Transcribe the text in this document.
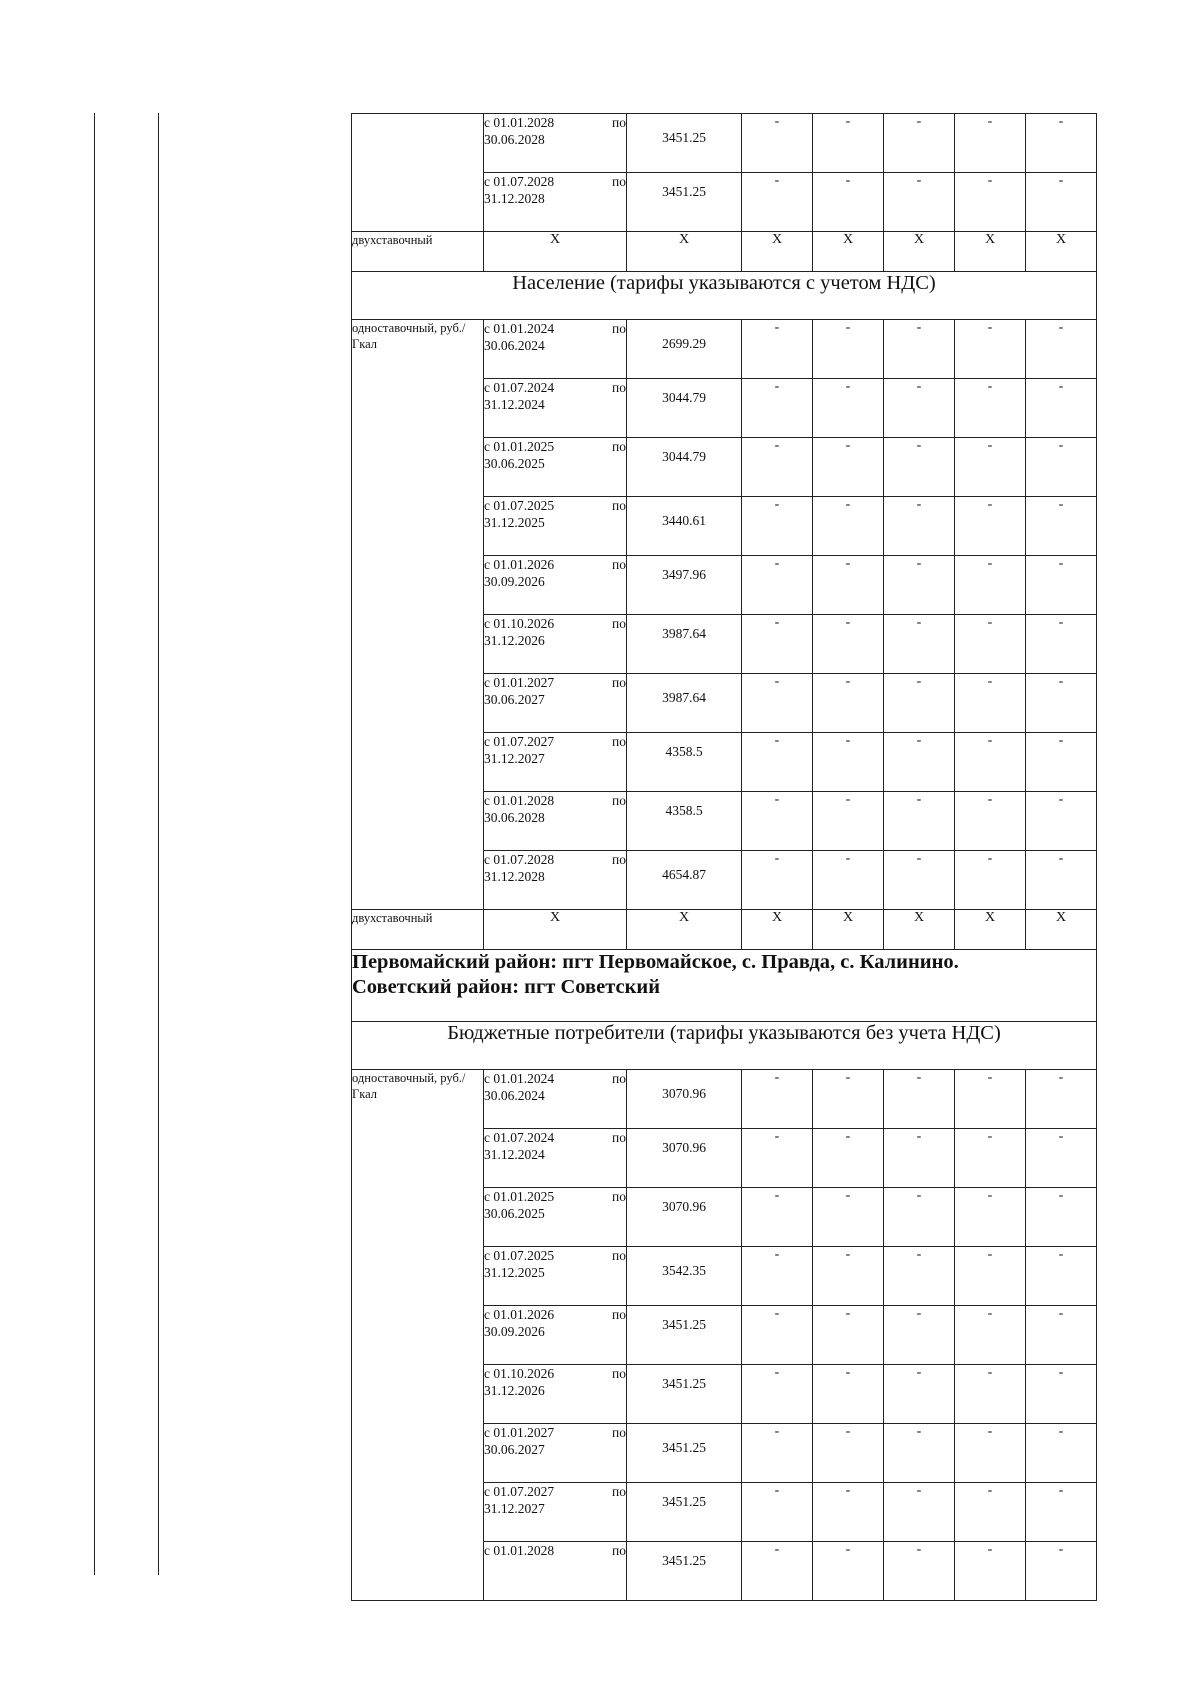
	с 01.01.2028 по
30.06.2028	3451.25	-	-	-	-	-

	с 01.07.2028 по
31.12.2028	3451.25	-	-	-	-	-
двухставочный	Х	Х	Х	Х	Х	Х	Х
Население (тарифы указываются с учетом НДС)							
одноставочный, руб./Гкал	с 01.01.2024 по
30.06.2024	2699.29	-	-	-	-	-

	с 01.07.2024 по
31.12.2024	3044.79	-	-	-	-	-

	с 01.01.2025 по
30.06.2025	3044.79	-	-	-	-	-

	с 01.07.2025 по
31.12.2025	3440.61	-	-	-	-	-

	с 01.01.2026 по
30.09.2026	3497.96	-	-	-	-	-

	с 01.10.2026 по
31.12.2026	3987.64	-	-	-	-	-

	с 01.01.2027 по
30.06.2027	3987.64	-	-	-	-	-

	с 01.07.2027 по
31.12.2027	4358.5	-	-	-	-	-

	с 01.01.2028 по
30.06.2028	4358.5	-	-	-	-	-

	с 01.07.2028 по
31.12.2028	4654.87	-	-	-	-	-
двухставочный	Х	Х	Х	Х	Х	Х	Х
Первомайский район: пгт Первомайское, с. Правда, с. Калинино.
Советский район: пгт Советский							
Бюджетные потребители (тарифы указываются без учета НДС)							
одноставочный, руб./Гкал	с 01.01.2024 по
30.06.2024	3070.96	-	-	-	-	-

	с 01.07.2024 по
31.12.2024	3070.96	-	-	-	-	-

	с 01.01.2025 по
30.06.2025	3070.96	-	-	-	-	-

	с 01.07.2025 по
31.12.2025	3542.35	-	-	-	-	-

	с 01.01.2026 по
30.09.2026	3451.25	-	-	-	-	-

	с 01.10.2026 по
31.12.2026	3451.25	-	-	-	-	-

	с 01.01.2027 по
30.06.2027	3451.25	-	-	-	-	-

	с 01.07.2027 по
31.12.2027	3451.25	-	-	-	-	-

	с 01.01.2028 по	3451.25	-	-	-	-	-
